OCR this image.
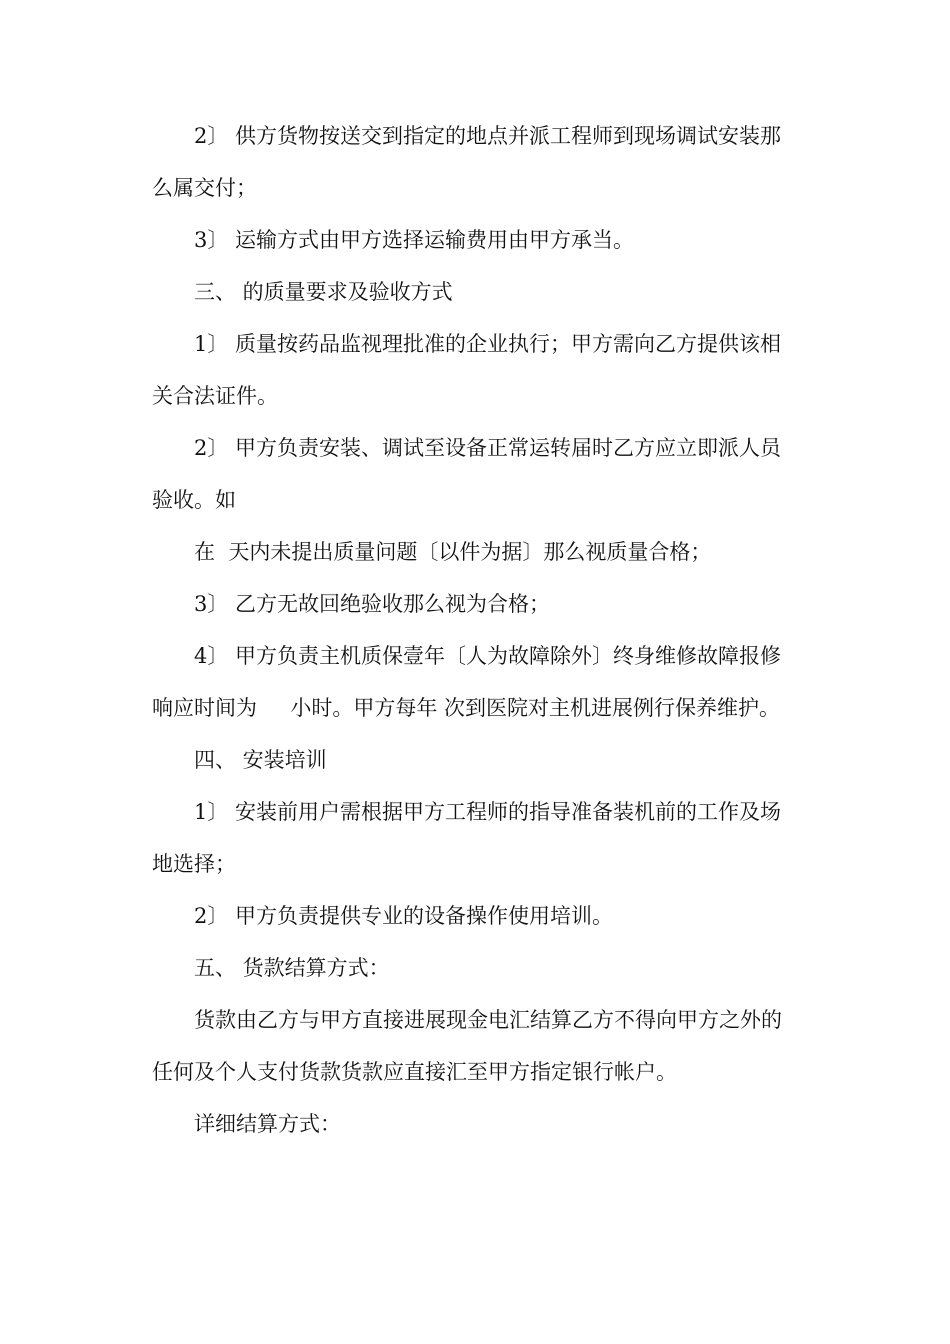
2〕 供方货物按送交到指定的地点并派工程师到现场调试安装那么属交付；

3〕 运输方式由甲方选择运输费用由甲方承当。

三、 的质量要求及验收方式

1〕 质量按药品监视理批准的企业执行；甲方需向乙方提供该相关合法证件。

2〕 甲方负责安装、调试至设备正常运转届时乙方应立即派人员验收。如

在  天内未提出质量问题〔以件为据〕那么视质量合格；

3〕 乙方无故回绝验收那么视为合格；

4〕 甲方负责主机质保壹年〔人为故障除外〕终身维修故障报修响应时间为     小时。甲方每年 次到医院对主机进展例行保养维护。

四、 安装培训

1〕 安装前用户需根据甲方工程师的指导准备装机前的工作及场地选择；

2〕 甲方负责提供专业的设备操作使用培训。

五、 货款结算方式：

货款由乙方与甲方直接进展现金电汇结算乙方不得向甲方之外的任何及个人支付货款货款应直接汇至甲方指定银行帐户。

详细结算方式：
